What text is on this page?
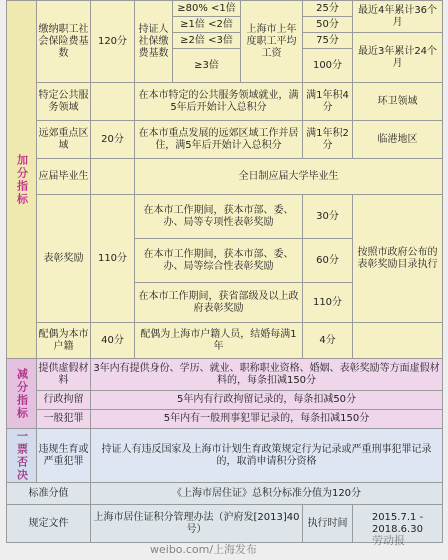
加分指标	缴纳职工社会保险费基数	120分	持证人社保缴费基数	≥80% <1倍	上海市上年度职工平均工资	25分	最近4年累计36个月
				≥1倍 <2倍		50分	
				≥2倍 <3倍		75分	最近3年累计24个月
				≥3倍		100分	
	特定公共服务领域		在本市特定的公共服务领域就业，满5年后开始计入总积分			满1年积4分	环卫领域
	远郊重点区域	20分	在本市重点发展的远郊区域工作并居住，满5年后开始计入总积分			满1年积2分	临港地区
	应届毕业生		全日制应届大学毕业生				
	表彰奖励	110分	在本市工作期间，获本市部、委、办、局等专项性表彰奖励			30分	按照市政府公布的表彰奖励目录执行
			在本市工作期间，获本市部、委、办、局等综合性表彰奖励			60分	
			在本市工作期间，获省部级及以上政府表彰奖励			110分	
	配偶为本市户籍	40分	配偶为上海市户籍人员，结婚每满1年			4分	

减分指标	提供虚假材料	3年内有提供身份、学历、就业、职称职业资格、婚姻、表彰奖励等方面虚假材料的，每条扣减150分					
	行政拘留	5年内有行政拘留记录的，每条扣减50分					
	一般犯罪	5年内有一般刑事犯罪记录的，每条扣减150分					
一票否决	违规生育或严重犯罪	持证人有违反国家及上海市计划生育政策规定行为记录或严重刑事犯罪记录的，取消申请积分资格					
标准分值		《上海市居住证》总积分标准分值为120分					
规定文件		上海市居住证积分管理办法（沪府发[2013]40号）				执行时间	2015.7.1 - 2018.6.30
weibo.com/上海发布
劳动报
